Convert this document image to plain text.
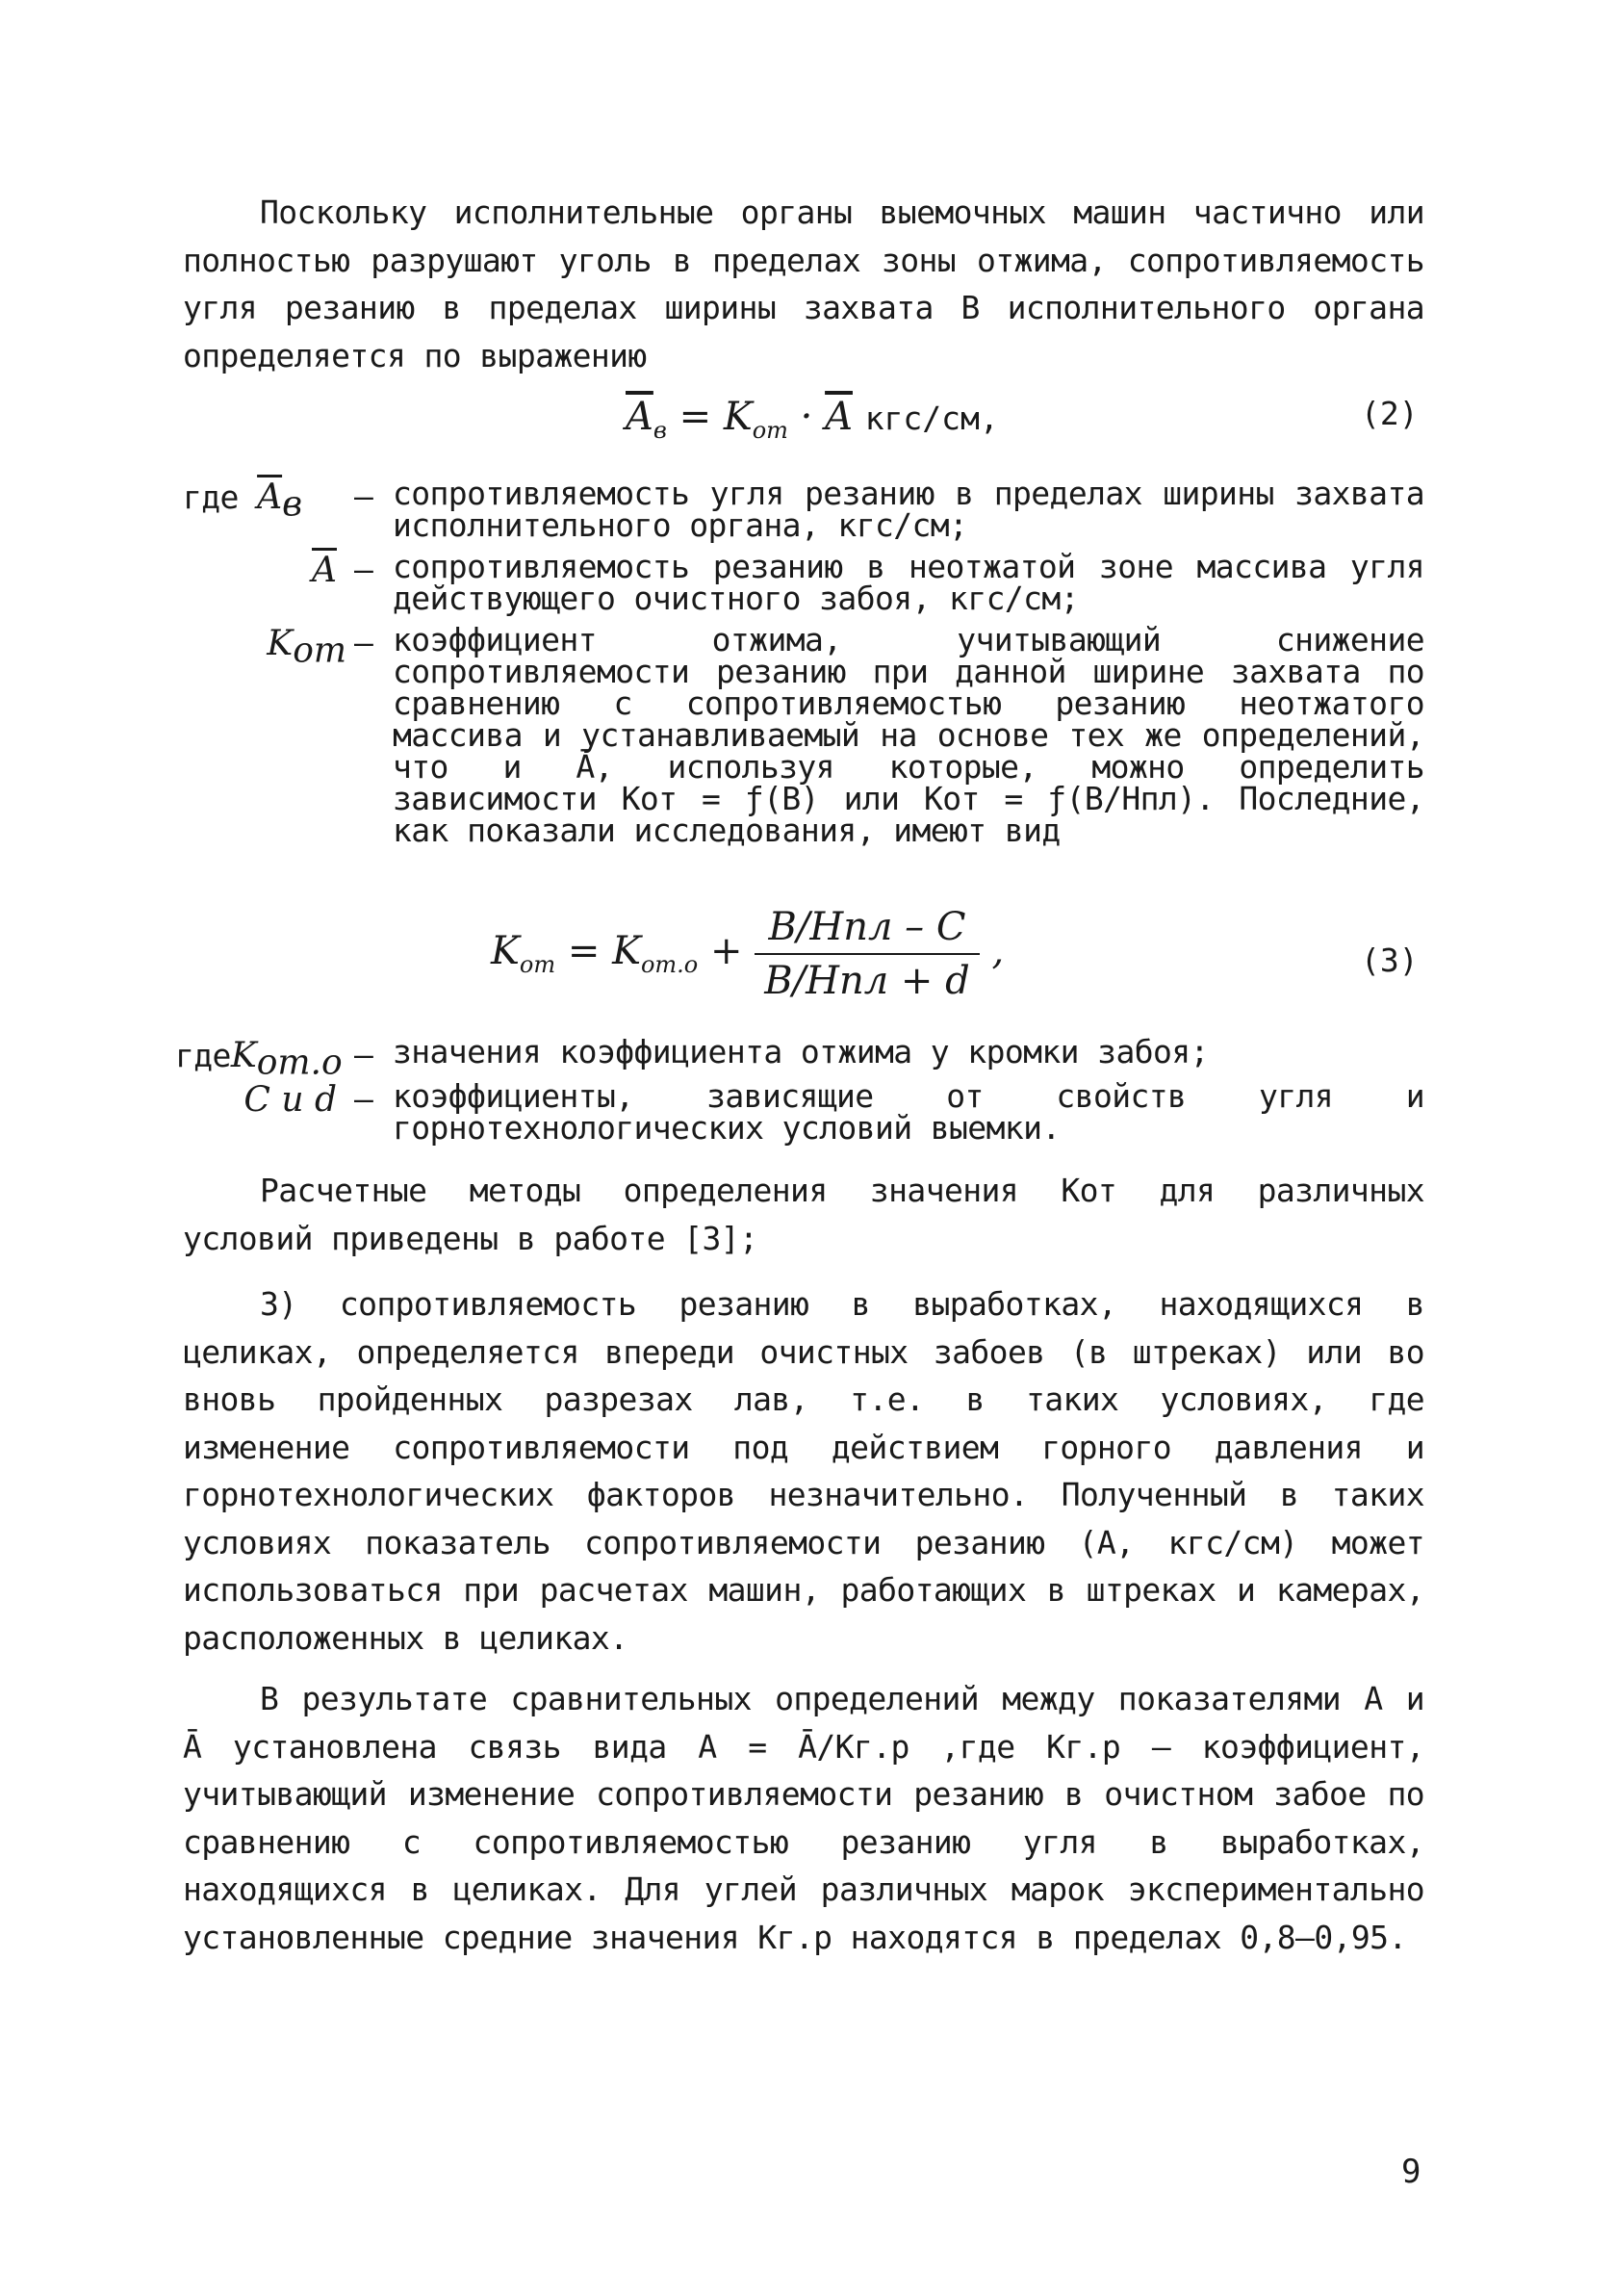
Поскольку исполнительные органы выемочных машин частично или полностью разрушают уголь в пределах зоны отжима, сопротивляемость угля резанию в пределах ширины захвата В исполнительного органа определяется по выражению
$\overline{A}_в = K_{от} \cdot \overline{A}$ кгс/см,	(2)
где $\overline{A}_в$	– сопротивляемость угля резанию в пределах ширины захвата исполнительного органа, кгс/см;
$\overline{A}$ – сопротивляемость резанию в неотжатой зоне массива угля действующего очистного забоя, кгс/см;
$K_{от}$ – коэффициент отжима, учитывающий снижение сопротивляемости резанию при данной ширине захвата по сравнению с сопротивляемостью резанию неотжатого массива и устанавливаемый на основе тех же определений, что и Ā, используя которые, можно определить зависимости Kот = ƒ(В) или Kот = ƒ(В/Hпл). Последние, как показали исследования, имеют вид
$K_{от} = K_{от.о} + \frac{\text{В/Hпл – С}}{\text{В/Hпл + d}}$ ,	(3)
гдеK$_{от.о}$ – значения коэффициента отжима у кромки забоя;
С и d – коэффициенты, зависящие от свойств угля и горнотехнологических условий выемки.
Расчетные методы определения значения Kот для различных условий приведены в работе [3];
3) сопротивляемость резанию в выработках, находящихся в целиках, определяется впереди очистных забоев (в штреках) или во вновь пройденных разрезах лав, т.е. в таких условиях, где изменение сопротивляемости под действием горного давления и горнотехнологических факторов незначительно. Полученный в таких условиях показатель сопротивляемости резанию (A, кгс/см) может использоваться при расчетах машин, работающих в штреках и камерах, расположенных в целиках.
В результате сравнительных определений между показателями A и Ā установлена связь вида A = Ā/Kг.р ,где Kг.р – коэффициент, учитывающий изменение сопротивляемости резанию в очистном забое по сравнению с сопротивляемостью резанию угля в выработках, находящихся в целиках. Для углей различных марок экспериментально установленные средние значения Kг.р находятся в пределах 0,8–0,95.
9
